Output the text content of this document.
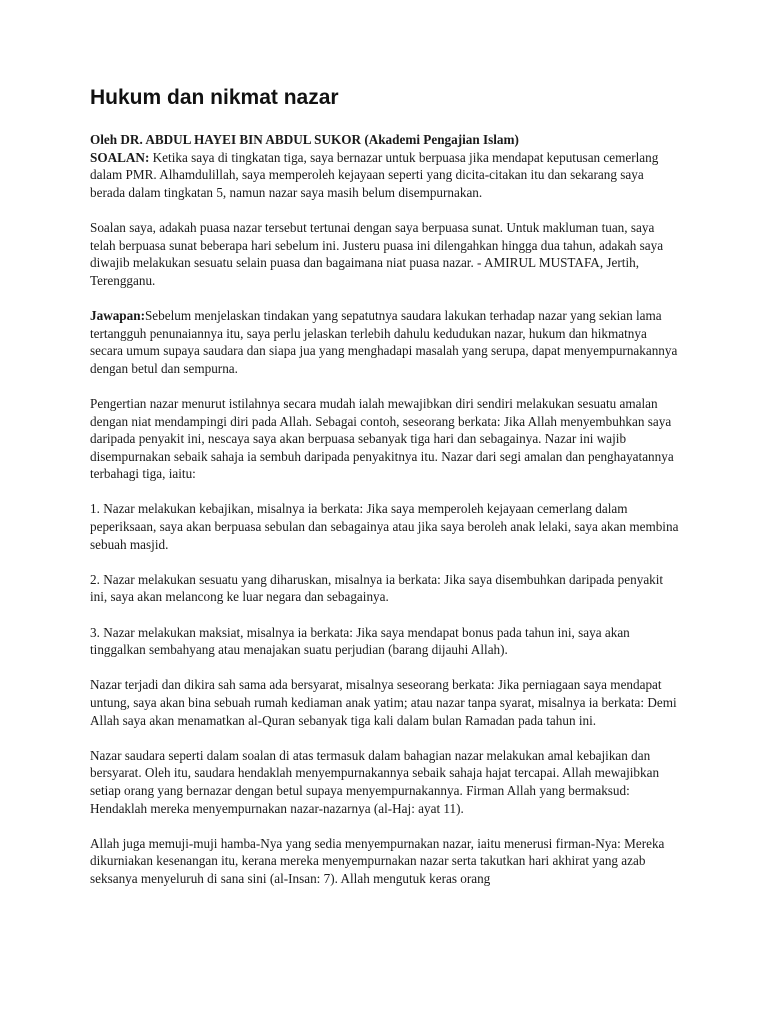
Hukum dan nikmat nazar
Oleh DR. ABDUL HAYEI BIN ABDUL SUKOR (Akademi Pengajian Islam)

SOALAN: Ketika saya di tingkatan tiga, saya bernazar untuk berpuasa jika mendapat keputusan cemerlang dalam PMR. Alhamdulillah, saya memperoleh kejayaan seperti yang dicita-citakan itu dan sekarang saya berada dalam tingkatan 5, namun nazar saya masih belum disempurnakan.

Soalan saya, adakah puasa nazar tersebut tertunai dengan saya berpuasa sunat. Untuk makluman tuan, saya telah berpuasa sunat beberapa hari sebelum ini. Justeru puasa ini dilengahkan hingga dua tahun, adakah saya diwajib melakukan sesuatu selain puasa dan bagaimana niat puasa nazar. - AMIRUL MUSTAFA, Jertih, Terengganu.

Jawapan:Sebelum menjelaskan tindakan yang sepatutnya saudara lakukan terhadap nazar yang sekian lama tertangguh penunaiannya itu, saya perlu jelaskan terlebih dahulu kedudukan nazar, hukum dan hikmatnya secara umum supaya saudara dan siapa jua yang menghadapi masalah yang serupa, dapat menyempurnakannya dengan betul dan sempurna.

Pengertian nazar menurut istilahnya secara mudah ialah mewajibkan diri sendiri melakukan sesuatu amalan dengan niat mendampingi diri pada Allah. Sebagai contoh, seseorang berkata: Jika Allah menyembuhkan saya daripada penyakit ini, nescaya saya akan berpuasa sebanyak tiga hari dan sebagainya. Nazar ini wajib disempurnakan sebaik sahaja ia sembuh daripada penyakitnya itu. Nazar dari segi amalan dan penghayatannya terbahagi tiga, iaitu:

1. Nazar melakukan kebajikan, misalnya ia berkata: Jika saya memperoleh kejayaan cemerlang dalam peperiksaan, saya akan berpuasa sebulan dan sebagainya atau jika saya beroleh anak lelaki, saya akan membina sebuah masjid.

2. Nazar melakukan sesuatu yang diharuskan, misalnya ia berkata: Jika saya disembuhkan daripada penyakit ini, saya akan melancong ke luar negara dan sebagainya.

3. Nazar melakukan maksiat, misalnya ia berkata: Jika saya mendapat bonus pada tahun ini, saya akan tinggalkan sembahyang atau menajakan suatu perjudian (barang dijauhi Allah).

Nazar terjadi dan dikira sah sama ada bersyarat, misalnya seseorang berkata: Jika perniagaan saya mendapat untung, saya akan bina sebuah rumah kediaman anak yatim; atau nazar tanpa syarat, misalnya ia berkata: Demi Allah saya akan menamatkan al-Quran sebanyak tiga kali dalam bulan Ramadan pada tahun ini.

Nazar saudara seperti dalam soalan di atas termasuk dalam bahagian nazar melakukan amal kebajikan dan bersyarat. Oleh itu, saudara hendaklah menyempurnakannya sebaik sahaja hajat tercapai. Allah mewajibkan setiap orang yang bernazar dengan betul supaya menyempurnakannya. Firman Allah yang bermaksud: Hendaklah mereka menyempurnakan nazar-nazarnya (al-Haj: ayat 11).

Allah juga memuji-muji hamba-Nya yang sedia menyempurnakan nazar, iaitu menerusi firman-Nya: Mereka dikurniakan kesenangan itu, kerana mereka menyempurnakan nazar serta takutkan hari akhirat yang azab seksanya menyeluruh di sana sini (al-Insan: 7). Allah mengutuk keras orang
